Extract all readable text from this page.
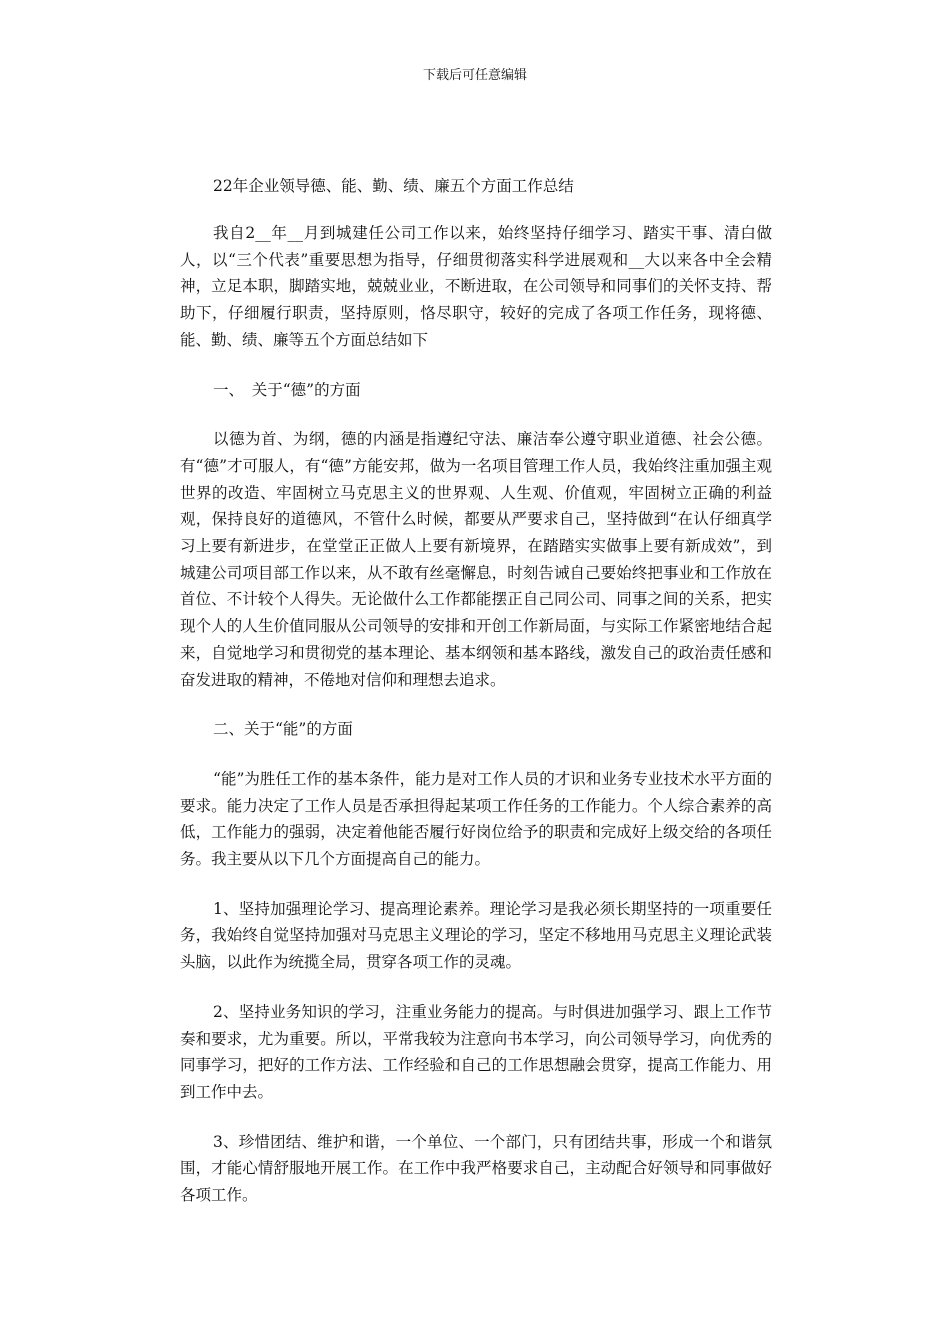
下载后可任意编辑
22年企业领导德、能、勤、绩、廉五个方面工作总结

我自2__年__月到城建任公司工作以来，始终坚持仔细学习、踏实干事、清白做人，以“三个代表”重要思想为指导，仔细贯彻落实科学进展观和__大以来各中全会精神，立足本职，脚踏实地，兢兢业业，不断进取，在公司领导和同事们的关怀支持、帮助下，仔细履行职责，坚持原则，恪尽职守，较好的完成了各项工作任务，现将德、能、勤、绩、廉等五个方面总结如下

一、　关于“德”的方面

以德为首、为纲，德的内涵是指遵纪守法、廉洁奉公遵守职业道德、社会公德。有“德”才可服人，有“德”方能安邦，做为一名项目管理工作人员，我始终注重加强主观世界的改造、牢固树立马克思主义的世界观、人生观、价值观，牢固树立正确的利益观，保持良好的道德风，不管什么时候，都要从严要求自己，坚持做到“在认仔细真学习上要有新进步，在堂堂正正做人上要有新境界，在踏踏实实做事上要有新成效”，到城建公司项目部工作以来，从不敢有丝毫懈息，时刻告诫自己要始终把事业和工作放在首位、不计较个人得失。无论做什么工作都能摆正自己同公司、同事之间的关系，把实现个人的人生价值同服从公司领导的安排和开创工作新局面，与实际工作紧密地结合起来，自觉地学习和贯彻党的基本理论、基本纲领和基本路线，激发自己的政治责任感和奋发进取的精神，不倦地对信仰和理想去追求。

二、关于“能”的方面

“能”为胜任工作的基本条件，能力是对工作人员的才识和业务专业技术水平方面的要求。能力决定了工作人员是否承担得起某项工作任务的工作能力。个人综合素养的高低，工作能力的强弱，决定着他能否履行好岗位给予的职责和完成好上级交给的各项任务。我主要从以下几个方面提高自己的能力。

1、坚持加强理论学习、提高理论素养。理论学习是我必须长期坚持的一项重要任务，我始终自觉坚持加强对马克思主义理论的学习，坚定不移地用马克思主义理论武装头脑，以此作为统揽全局，贯穿各项工作的灵魂。

2、坚持业务知识的学习，注重业务能力的提高。与时俱进加强学习、跟上工作节奏和要求，尤为重要。所以，平常我较为注意向书本学习，向公司领导学习，向优秀的同事学习，把好的工作方法、工作经验和自己的工作思想融会贯穿，提高工作能力、用到工作中去。

3、珍惜团结、维护和谐，一个单位、一个部门，只有团结共事，形成一个和谐氛围，才能心情舒服地开展工作。在工作中我严格要求自己，主动配合好领导和同事做好各项工作。
